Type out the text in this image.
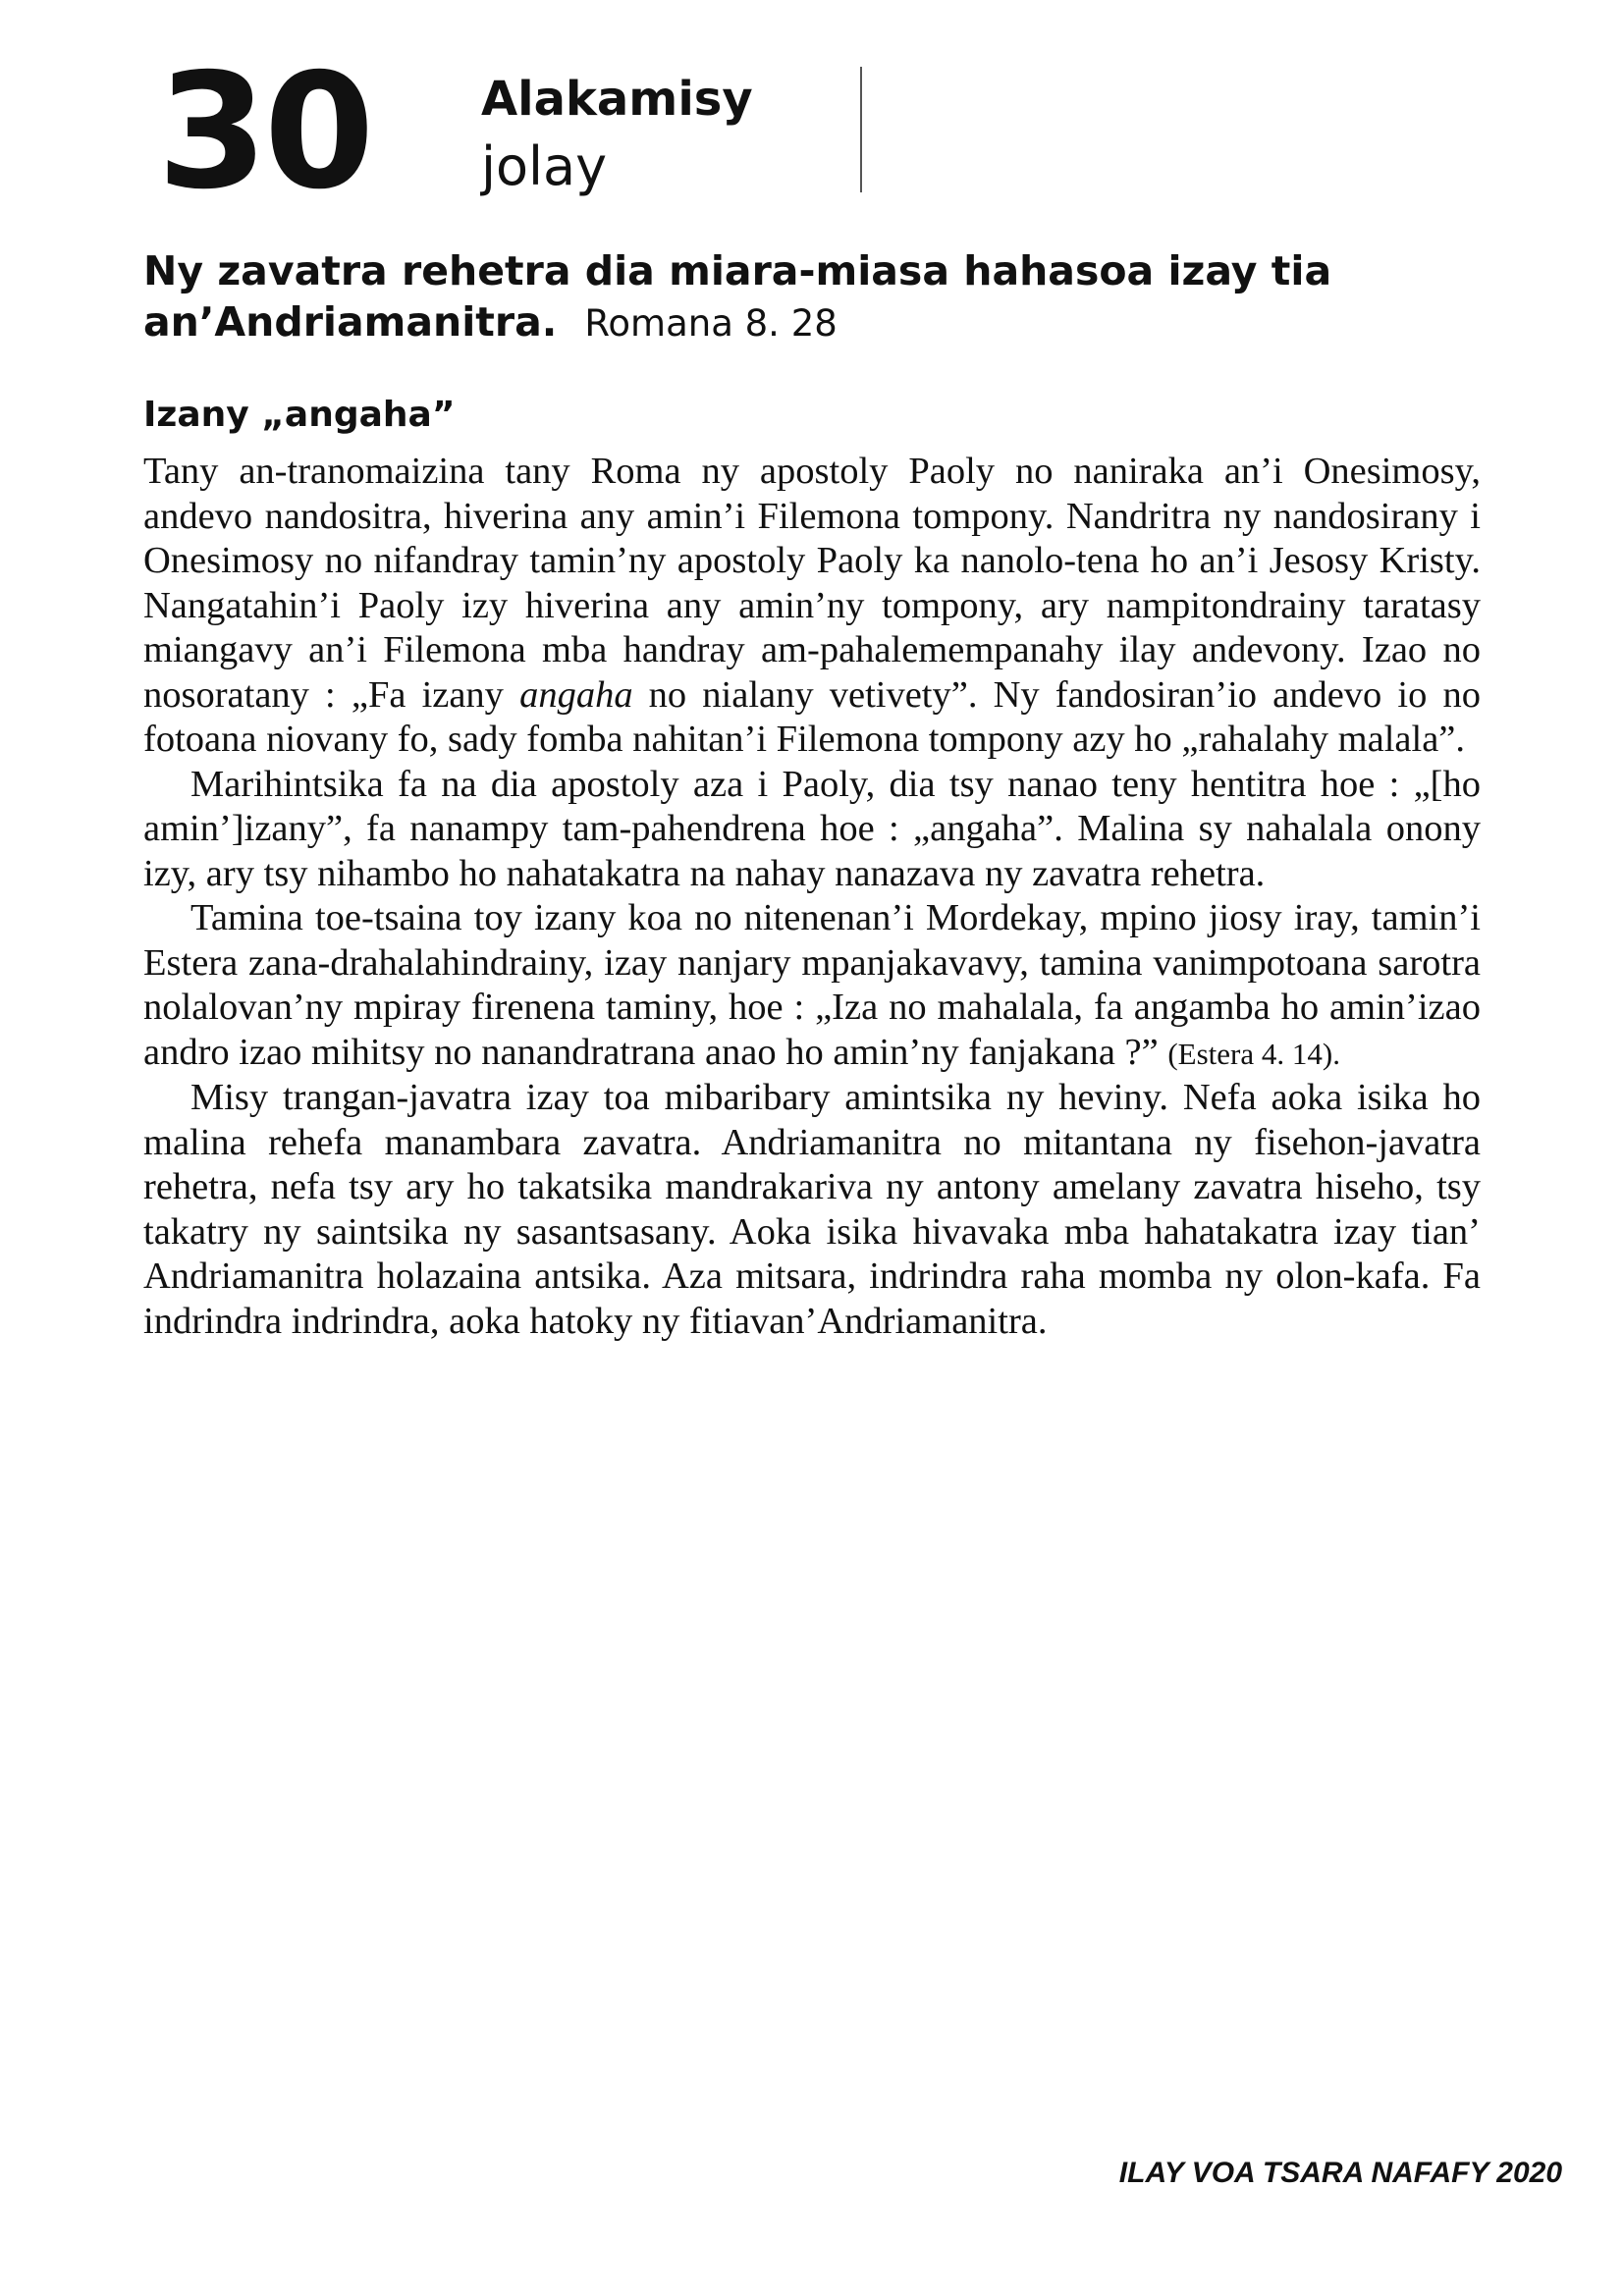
30 Alakamisy
jolay
Ny zavatra rehetra dia miara-miasa hahasoa izay tia an’Andriamanitra. Romana 8. 28
Izany „angaha”

Tany an-tranomaizina tany Roma ny apostoly Paoly no naniraka an’i Onesimosy, andevo nandositra, hiverina any amin’i Filemona tompony. Nandritra ny nandosirany i Onesimosy no nifandray tamin’ny apostoly Paoly ka nanolo-tena ho an’i Jesosy Kristy. Nangatahin’i Paoly izy hiverina any amin’ny tompony, ary nampitondrainy taratasy miangavy an’i Filemona mba handray am-pahalemempanahy ilay andevony. Izao no nosoratany : „Fa izany angaha no nialany vetivety”. Ny fandosiran’io andevo io no fotoana niovany fo, sady fomba nahitan’i Filemona tompony azy ho „rahalahy malala”.

Marihintsika fa na dia apostoly aza i Paoly, dia tsy nanao teny hentitra hoe : „[ho amin’]izany”, fa nanampy tam-pahendrena hoe : „angaha”. Malina sy nahalala onony izy, ary tsy nihambo ho nahatakatra na nahay nanazava ny zavatra rehetra.

Tamina toe-tsaina toy izany koa no nitenenan’i Mordekay, mpino jiosy iray, tamin’i Estera zana-drahalahindrainy, izay nanjary mpanjakavavy, tamina vanimpotoana sarotra nolalovan’ny mpiray firenena taminy, hoe : „Iza no mahalala, fa angamba ho amin’izao andro izao mihitsy no nanandratrana anao ho amin’ny fanjakana ?” (Estera 4. 14).

Misy trangan-javatra izay toa mibaribary amintsika ny heviny. Nefa aoka isika ho malina rehefa manambara zavatra. Andriamanitra no mitantana ny fisehon-javatra rehetra, nefa tsy ary ho takatsika mandrakariva ny antony amelany zavatra hiseho, tsy takatry ny saintsika ny sasantsasany. Aoka isika hivavaka mba hahatakatra izay tian’ Andriamanitra holazaina antsika. Aza mitsara, indrindra raha momba ny olon-kafa. Fa indrindra indrindra, aoka hatoky ny fitiavan’Andriamanitra.

ILAY VOA TSARA NAFAFY 2020
